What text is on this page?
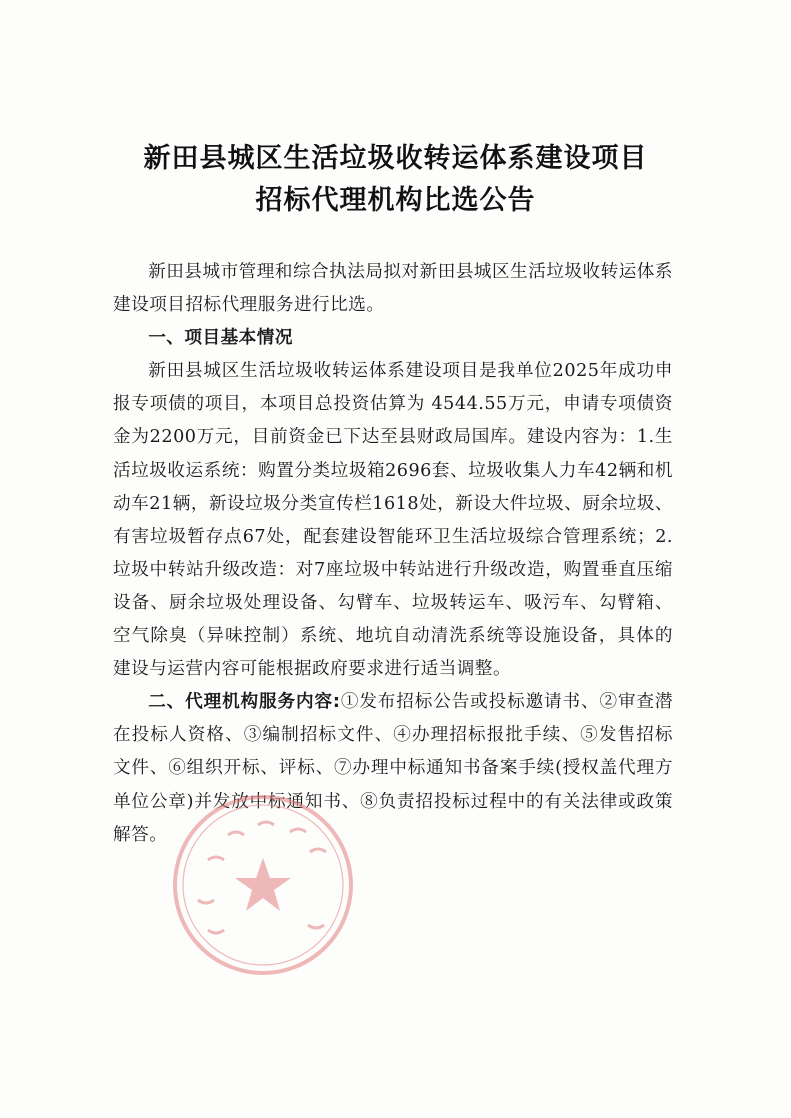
新田县城区生活垃圾收转运体系建设项目
招标代理机构比选公告

新田县城市管理和综合执法局拟对新田县城区生活垃圾收转运体系建设项目招标代理服务进行比选。

一、项目基本情况

新田县城区生活垃圾收转运体系建设项目是我单位2025年成功申报专项债的项目，本项目总投资估算为 4544.55万元，申请专项债资金为2200万元，目前资金已下达至县财政局国库。建设内容为：1.生活垃圾收运系统：购置分类垃圾箱2696套、垃圾收集人力车42辆和机动车21辆，新设垃圾分类宣传栏1618处，新设大件垃圾、厨余垃圾、有害垃圾暂存点67处，配套建设智能环卫生活垃圾综合管理系统；2.垃圾中转站升级改造：对7座垃圾中转站进行升级改造，购置垂直压缩设备、厨余垃圾处理设备、勾臂车、垃圾转运车、吸污车、勾臂箱、空气除臭（异味控制）系统、地坑自动清洗系统等设施设备，具体的建设与运营内容可能根据政府要求进行适当调整。

二、代理机构服务内容:①发布招标公告或投标邀请书、②审查潜在投标人资格、③编制招标文件、④办理招标报批手续、⑤发售招标文件、⑥组织开标、评标、⑦办理中标通知书备案手续(授权盖代理方单位公章)并发放中标通知书、⑧负责招投标过程中的有关法律或政策解答。
